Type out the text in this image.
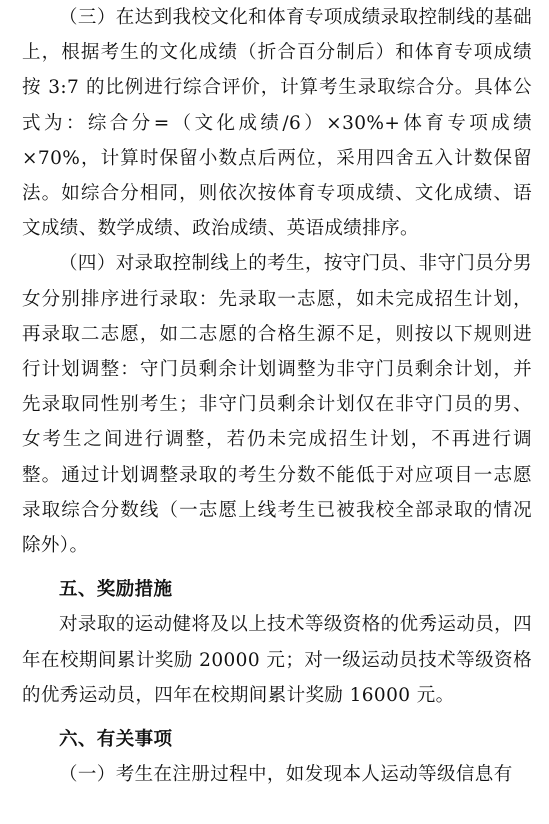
（三）在达到我校文化和体育专项成绩录取控制线的基础上，根据考生的文化成绩（折合百分制后）和体育专项成绩按 3:7 的比例进行综合评价，计算考生录取综合分。具体公式为：综合分=（文化成绩/6）×30%+体育专项成绩×70%，计算时保留小数点后两位，采用四舍五入计数保留法。如综合分相同，则依次按体育专项成绩、文化成绩、语文成绩、数学成绩、政治成绩、英语成绩排序。

（四）对录取控制线上的考生，按守门员、非守门员分男女分别排序进行录取：先录取一志愿，如未完成招生计划，再录取二志愿，如二志愿的合格生源不足，则按以下规则进行计划调整：守门员剩余计划调整为非守门员剩余计划，并先录取同性别考生；非守门员剩余计划仅在非守门员的男、女考生之间进行调整，若仍未完成招生计划，不再进行调整。通过计划调整录取的考生分数不能低于对应项目一志愿录取综合分数线（一志愿上线考生已被我校全部录取的情况除外）。

五、奖励措施

对录取的运动健将及以上技术等级资格的优秀运动员，四年在校期间累计奖励 20000 元；对一级运动员技术等级资格的优秀运动员，四年在校期间累计奖励 16000 元。

六、有关事项

（一）考生在注册过程中，如发现本人运动等级信息有
